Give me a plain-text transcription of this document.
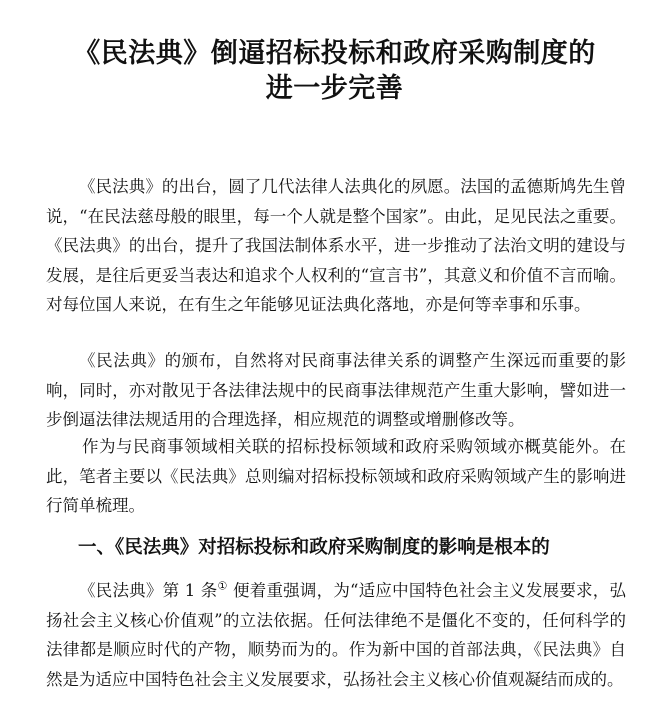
《民法典》倒逼招标投标和政府采购制度的
进一步完善

《民法典》的出台，圆了几代法律人法典化的夙愿。法国的孟德斯鸠先生曾说，“在民法慈母般的眼里，每一个人就是整个国家”。由此，足见民法之重要。《民法典》的出台，提升了我国法制体系水平，进一步推动了法治文明的建设与发展，是往后更妥当表达和追求个人权利的“宣言书”，其意义和价值不言而喻。对每位国人来说，在有生之年能够见证法典化落地，亦是何等幸事和乐事。

《民法典》的颁布，自然将对民商事法律关系的调整产生深远而重要的影响，同时，亦对散见于各法律法规中的民商事法律规范产生重大影响，譬如进一步倒逼法律法规适用的合理选择，相应规范的调整或增删修改等。

作为与民商事领域相关联的招标投标领域和政府采购领域亦概莫能外。在此，笔者主要以《民法典》总则编对招标投标领域和政府采购领域产生的影响进行简单梳理。

一、《民法典》对招标投标和政府采购制度的影响是根本的

《民法典》第 1 条① 便着重强调，为“适应中国特色社会主义发展要求，弘扬社会主义核心价值观”的立法依据。任何法律绝不是僵化不变的，任何科学的法律都是顺应时代的产物，顺势而为的。作为新中国的首部法典，《民法典》自然是为适应中国特色社会主义发展要求，弘扬社会主义核心价值观凝结而成的。
